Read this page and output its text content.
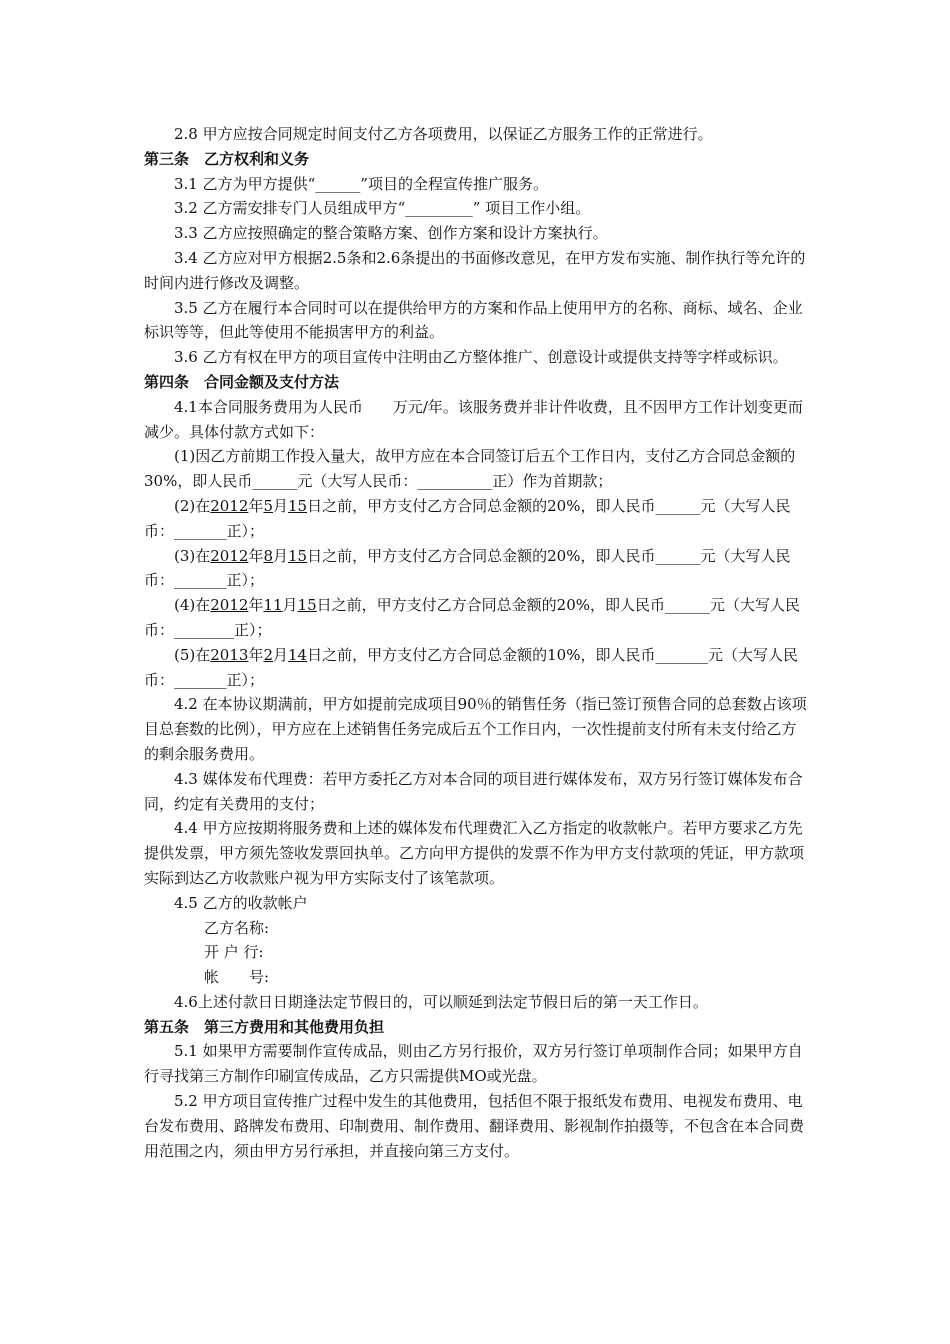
2.8 甲方应按合同规定时间支付乙方各项费用，以保证乙方服务工作的正常进行。

第三条　乙方权利和义务

3.1 乙方为甲方提供“______”项目的全程宣传推广服务。

3.2 乙方需安排专门人员组成甲方“_________” 项目工作小组。

3.3 乙方应按照确定的整合策略方案、创作方案和设计方案执行。

3.4 乙方应对甲方根据2.5条和2.6条提出的书面修改意见，在甲方发布实施、制作执行等允许的时间内进行修改及调整。

3.5 乙方在履行本合同时可以在提供给甲方的方案和作品上使用甲方的名称、商标、域名、企业标识等等，但此等使用不能损害甲方的利益。

3.6 乙方有权在甲方的项目宣传中注明由乙方整体推广、创意设计或提供支持等字样或标识。

第四条　合同金额及支付方法

4.1本合同服务费用为人民币　　万元/年。该服务费并非计件收费，且不因甲方工作计划变更而减少。具体付款方式如下：

(1)因乙方前期工作投入量大，故甲方应在本合同签订后五个工作日内，支付乙方合同总金额的30%，即人民币______元（大写人民币：__________正）作为首期款；

(2)在2012年5月15日之前，甲方支付乙方合同总金额的20%，即人民币______元（大写人民币：_______正）；

(3)在2012年8月15日之前，甲方支付乙方合同总金额的20%，即人民币______元（大写人民币：_______正）；

(4)在2012年11月15日之前，甲方支付乙方合同总金额的20%，即人民币______元（大写人民币：________正）；

(5)在2013年2月14日之前，甲方支付乙方合同总金额的10%，即人民币_______元（大写人民币：_______正）；

4.2 在本协议期满前，甲方如提前完成项目90％的销售任务（指已签订预售合同的总套数占该项目总套数的比例），甲方应在上述销售任务完成后五个工作日内，一次性提前支付所有未支付给乙方的剩余服务费用。

4.3 媒体发布代理费：若甲方委托乙方对本合同的项目进行媒体发布，双方另行签订媒体发布合同，约定有关费用的支付；

4.4 甲方应按期将服务费和上述的媒体发布代理费汇入乙方指定的收款帐户。若甲方要求乙方先提供发票，甲方须先签收发票回执单。乙方向甲方提供的发票不作为甲方支付款项的凭证，甲方款项实际到达乙方收款账户视为甲方实际支付了该笔款项。

4.5 乙方的收款帐户

乙方名称:

开 户 行:

帐　　号:

4.6上述付款日日期逢法定节假日的，可以顺延到法定节假日后的第一天工作日。

第五条　第三方费用和其他费用负担

5.1 如果甲方需要制作宣传成品，则由乙方另行报价，双方另行签订单项制作合同；如果甲方自行寻找第三方制作印刷宣传成品，乙方只需提供MO或光盘。

5.2 甲方项目宣传推广过程中发生的其他费用，包括但不限于报纸发布费用、电视发布费用、电台发布费用、路牌发布费用、印制费用、制作费用、翻译费用、影视制作拍摄等，不包含在本合同费用范围之内，须由甲方另行承担，并直接向第三方支付。
